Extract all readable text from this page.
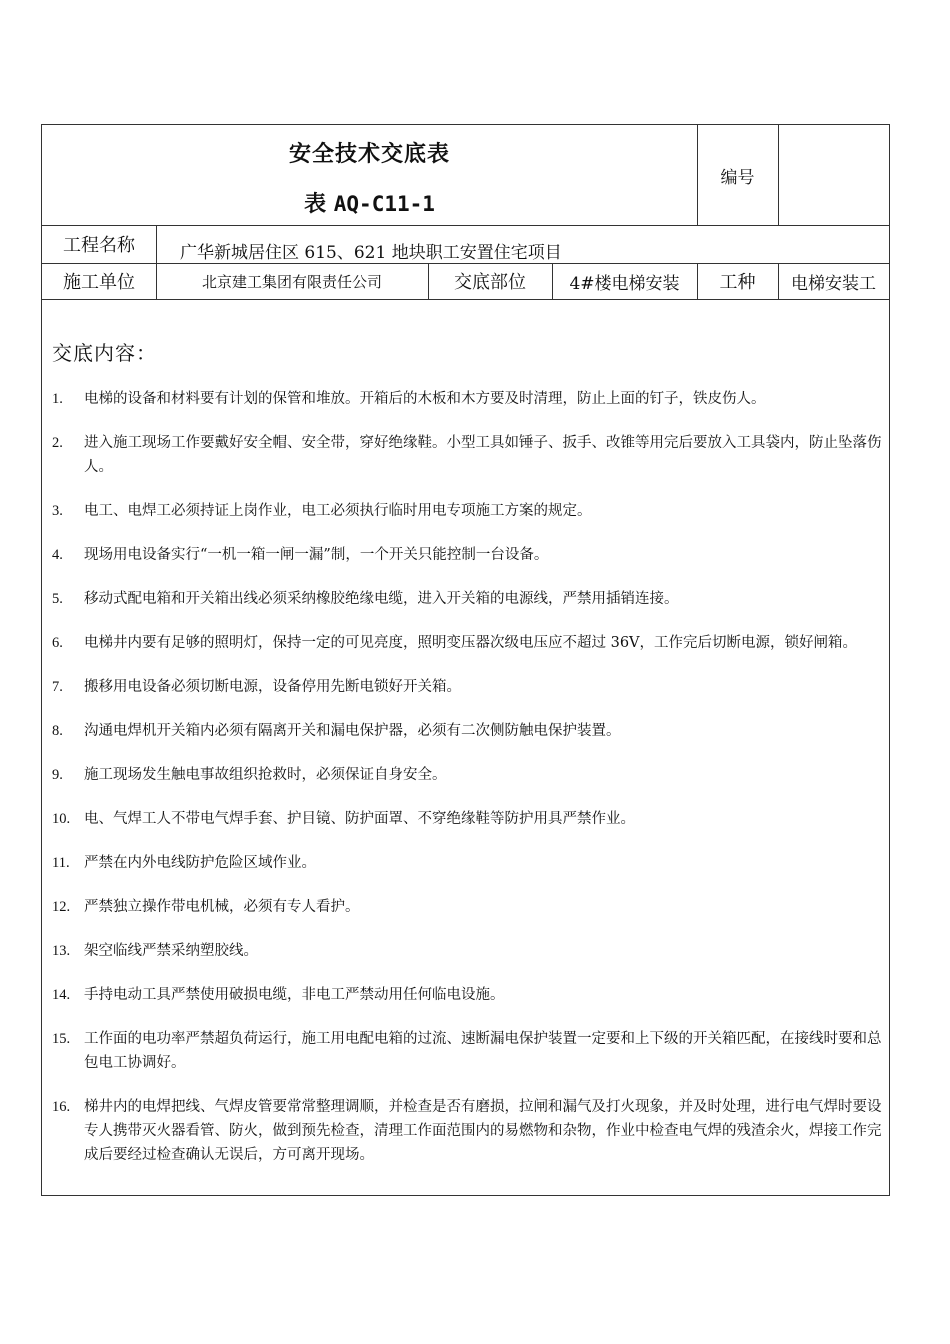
安全技术交底表
表 AQ-C11-1
编号
工程名称	广华新城居住区 615、621 地块职工安置住宅项目
施工单位	北京建工集团有限责任公司	交底部位	4#楼电梯安装	工种	电梯安装工
交底内容：
1.	电梯的设备和材料要有计划的保管和堆放。开箱后的木板和木方要及时清理，防止上面的钉子，铁皮伤人。
2.	进入施工现场工作要戴好安全帽、安全带，穿好绝缘鞋。小型工具如锤子、扳手、改锥等用完后要放入工具袋内，防止坠落伤人。
3.	电工、电焊工必须持证上岗作业，电工必须执行临时用电专项施工方案的规定。
4.	现场用电设备实行“一机一箱一闸一漏”制，一个开关只能控制一台设备。
5.	移动式配电箱和开关箱出线必须采纳橡胶绝缘电缆，进入开关箱的电源线，严禁用插销连接。
6.	电梯井内要有足够的照明灯，保持一定的可见亮度，照明变压器次级电压应不超过 36V，工作完后切断电源，锁好闸箱。
7.	搬移用电设备必须切断电源，设备停用先断电锁好开关箱。
8.	沟通电焊机开关箱内必须有隔离开关和漏电保护器，必须有二次侧防触电保护装置。
9.	施工现场发生触电事故组织抢救时，必须保证自身安全。
10. 电、气焊工人不带电气焊手套、护目镜、防护面罩、不穿绝缘鞋等防护用具严禁作业。
11. 严禁在内外电线防护危险区域作业。
12. 严禁独立操作带电机械，必须有专人看护。
13. 架空临线严禁采纳塑胶线。
14. 手持电动工具严禁使用破损电缆，非电工严禁动用任何临电设施。
15. 工作面的电功率严禁超负荷运行，施工用电配电箱的过流、速断漏电保护装置一定要和上下级的开关箱匹配，在接线时要和总包电工协调好。
16. 梯井内的电焊把线、气焊皮管要常常整理调顺，并检查是否有磨损，拉闸和漏气及打火现象，并及时处理，进行电气焊时要设专人携带灭火器看管、防火，做到预先检查，清理工作面范围内的易燃物和杂物，作业中检查电气焊的残渣余火，焊接工作完成后要经过检查确认无误后，方可离开现场。
